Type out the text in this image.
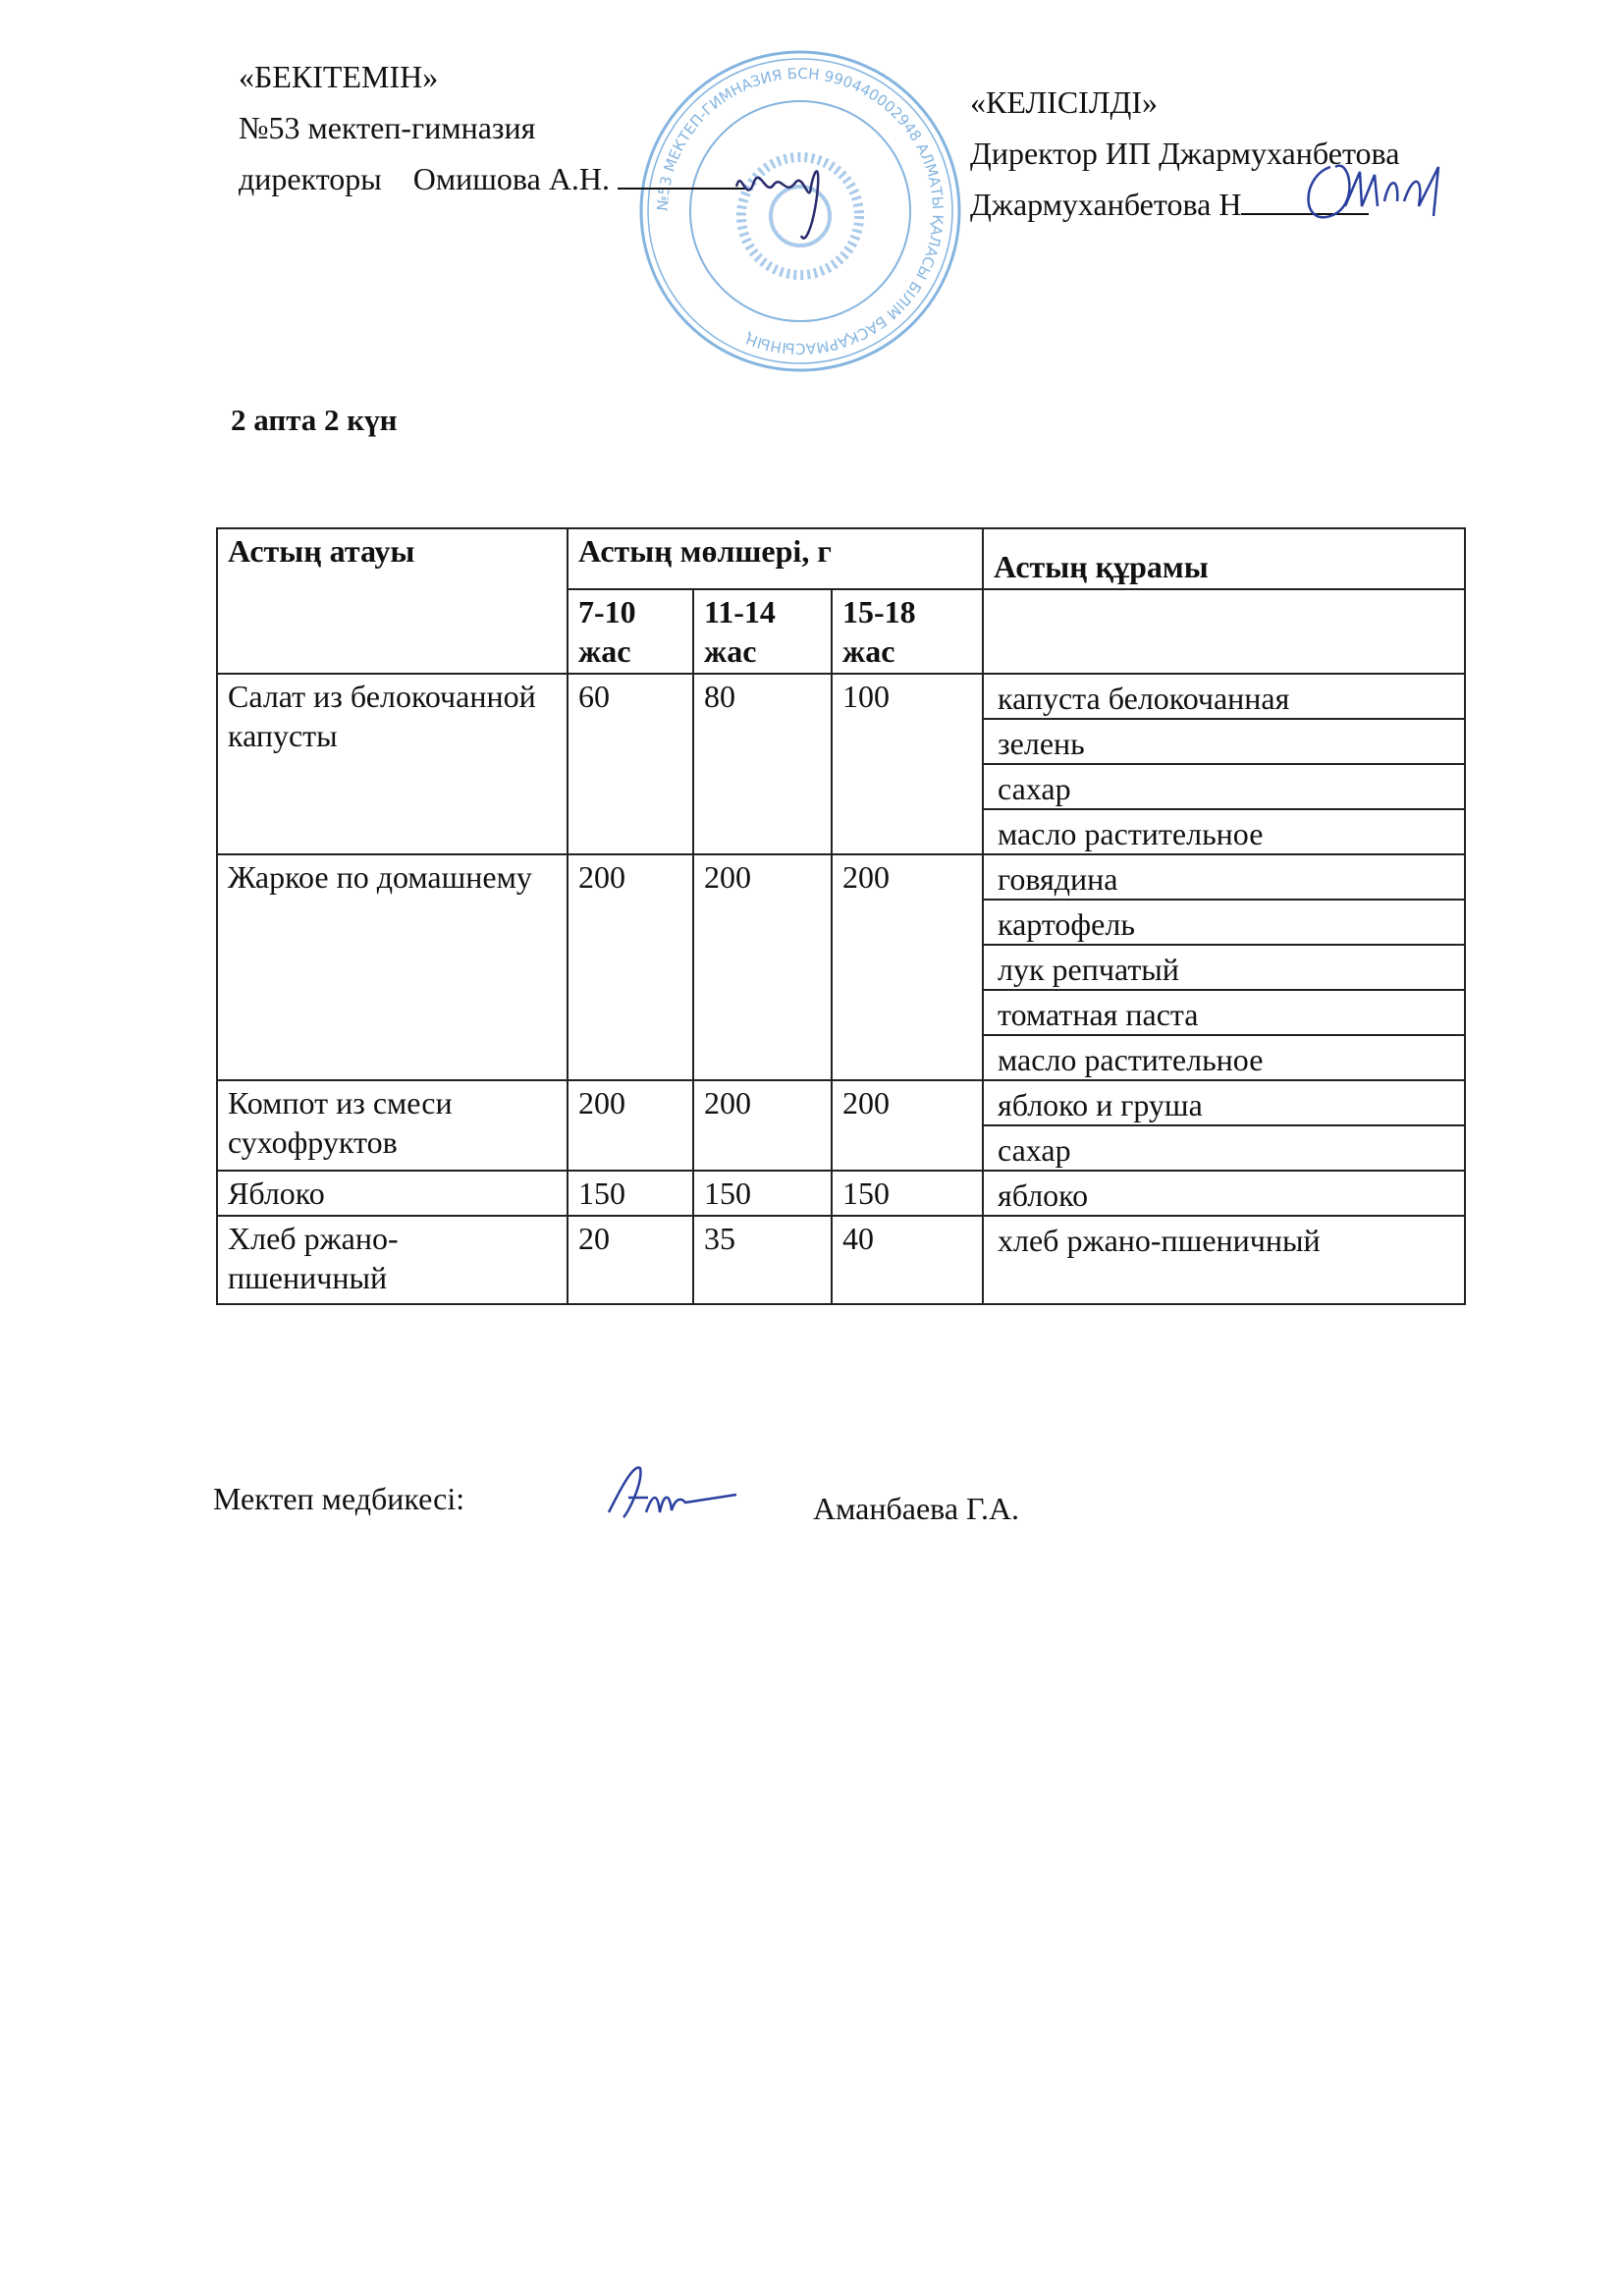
№53 МЕКТЕП-ГИМНАЗИЯ БСН 990440002948 АЛМАТЫ ҚАЛАСЫ БІЛІМ БАСҚАРМАСЫНЫҢ
«БЕКІТЕМІН»
№53 мектеп-гимназия
директоры Омишова А.Н.
«КЕЛІСІЛДІ»
Директор ИП Джармуханбетова
Джармуханбетова Н
2 апта 2 күн
Астың атауы	Астың мөлшері, г			Астың құрамы
	7-10 жас	11-14 жас	15-18 жас	
Салат из белокочанной капусты	60	80	100	капуста белокочанная
				зелень
				сахар
				масло растительное
Жаркое по домашнему	200	200	200	говядина
				картофель
				лук репчатый
				томатная паста
				масло растительное
Компот из смеси сухофруктов	200	200	200	яблоко и груша
				сахар
Яблоко	150	150	150	яблоко
Хлеб ржано-пшеничный	20	35	40	хлеб ржано-пшеничный
Мектеп медбикесі:	Аманбаева Г.А.
